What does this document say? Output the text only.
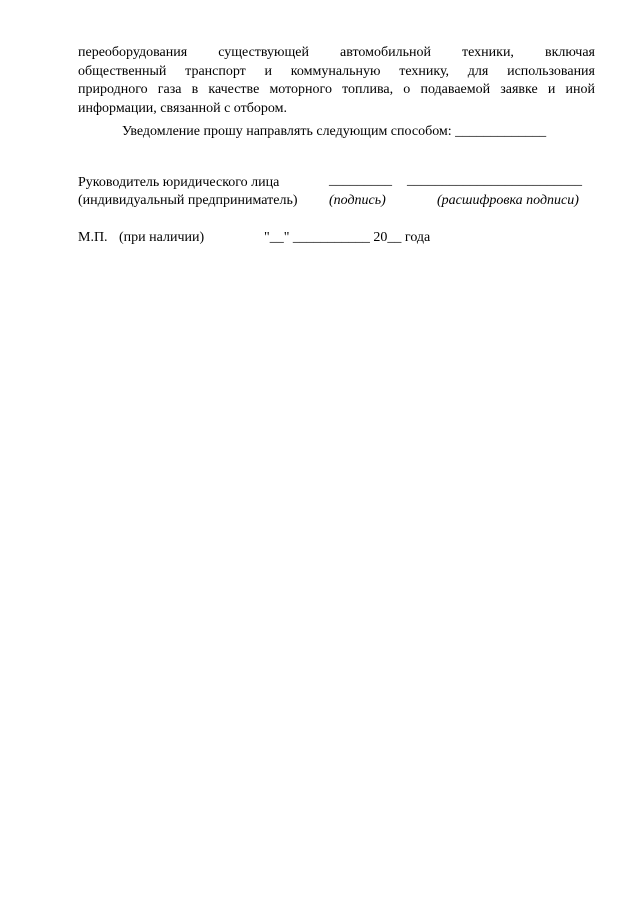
переоборудования существующей автомобильной техники, включая
общественный транспорт и коммунальную технику, для использования
природного газа в качестве моторного топлива, о подаваемой заявке и иной
информации, связанной с отбором.
Уведомление прошу направлять следующим способом: _____________
Руководитель юридического лица	_________ _________________________
(индивидуальный предприниматель) (подпись)	(расшифровка подписи)
М.П. (при наличии)	"__" ___________ 20__ года
